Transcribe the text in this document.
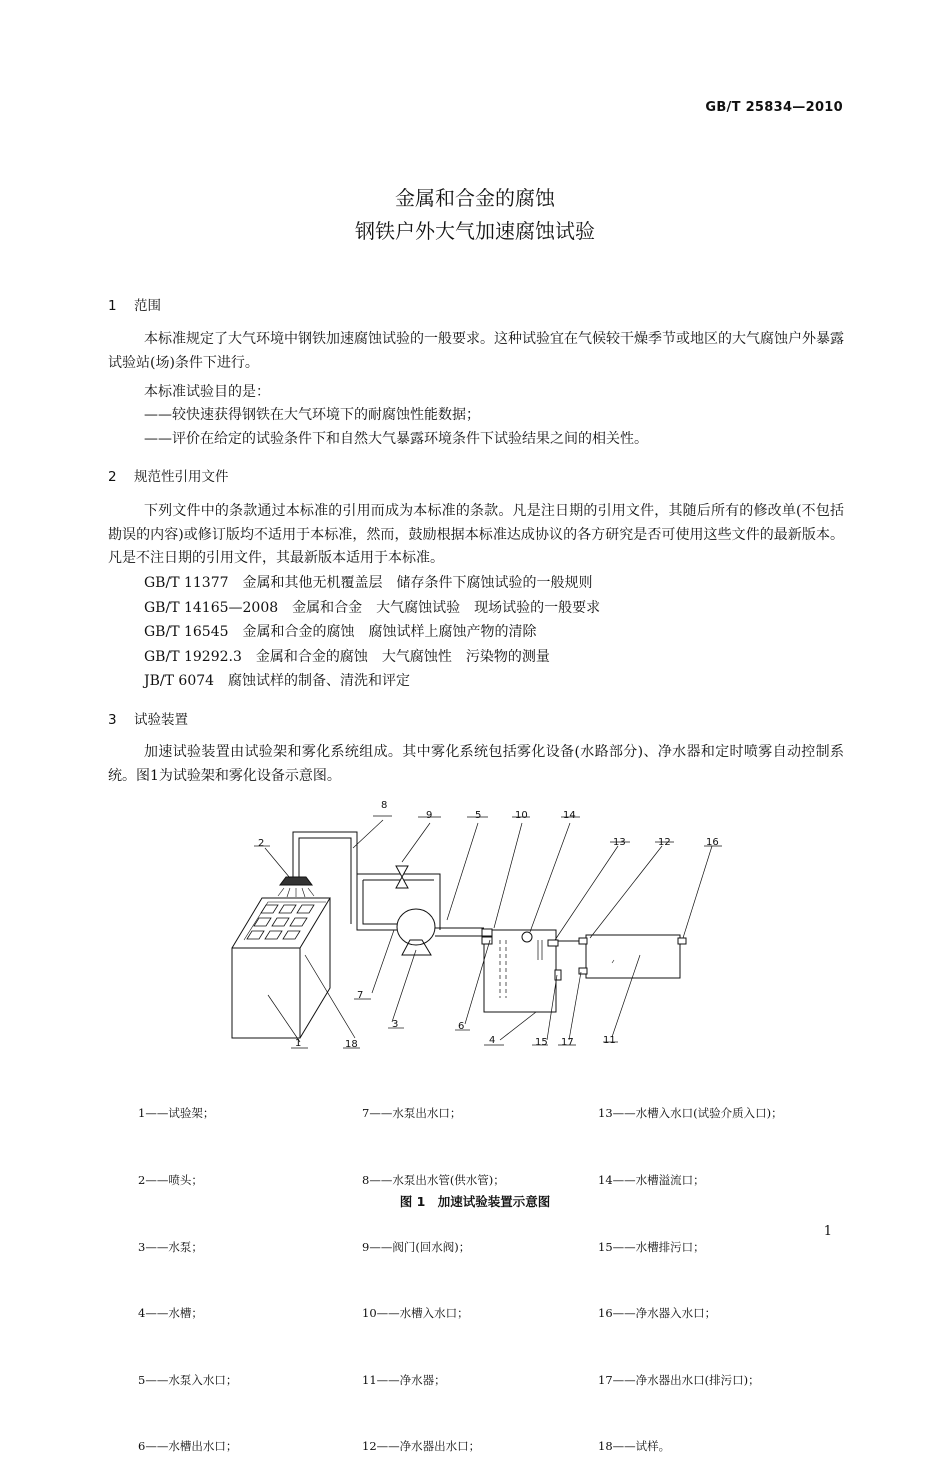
GB/T 25834—2010
金属和合金的腐蚀
钢铁户外大气加速腐蚀试验
1 范围
本标准规定了大气环境中钢铁加速腐蚀试验的一般要求。这种试验宜在气候较干燥季节或地区的大气腐蚀户外暴露试验站(场)条件下进行。
本标准试验目的是：
——较快速获得钢铁在大气环境下的耐腐蚀性能数据；
——评价在给定的试验条件下和自然大气暴露环境条件下试验结果之间的相关性。
2 规范性引用文件
下列文件中的条款通过本标准的引用而成为本标准的条款。凡是注日期的引用文件，其随后所有的修改单(不包括勘误的内容)或修订版均不适用于本标准，然而，鼓励根据本标准达成协议的各方研究是否可使用这些文件的最新版本。凡是不注日期的引用文件，其最新版本适用于本标准。
GB/T 11377　金属和其他无机覆盖层　储存条件下腐蚀试验的一般规则
GB/T 14165—2008　金属和合金　大气腐蚀试验　现场试验的一般要求
GB/T 16545　金属和合金的腐蚀　腐蚀试样上腐蚀产物的清除
GB/T 19292.3　金属和合金的腐蚀　大气腐蚀性　污染物的测量
JB/T 6074　腐蚀试样的制备、清洗和评定
3 试验装置
加速试验装置由试验架和雾化系统组成。其中雾化系统包括雾化设备(水路部分)、净水器和定时喷雾自动控制系统。图1为试验架和雾化设备示意图。
1
2
3
4
5
6
7
8
9	10
11
12
13
14
15
16
17
18

1——试验架；

2——喷头；

3——水泵；

4——水槽；

5——水泵入水口；

6——水槽出水口；

7——水泵出水口；

8——水泵出水管(供水管)；

9——阀门(回水阀)；

10——水槽入水口；

11——净水器；

12——净水器出水口；

13——水槽入水口(试验介质入口)；

14——水槽溢流口；

15——水槽排污口；

16——净水器入水口；

17——净水器出水口(排污口)；

18——试样。

图 1　加速试验装置示意图
1
